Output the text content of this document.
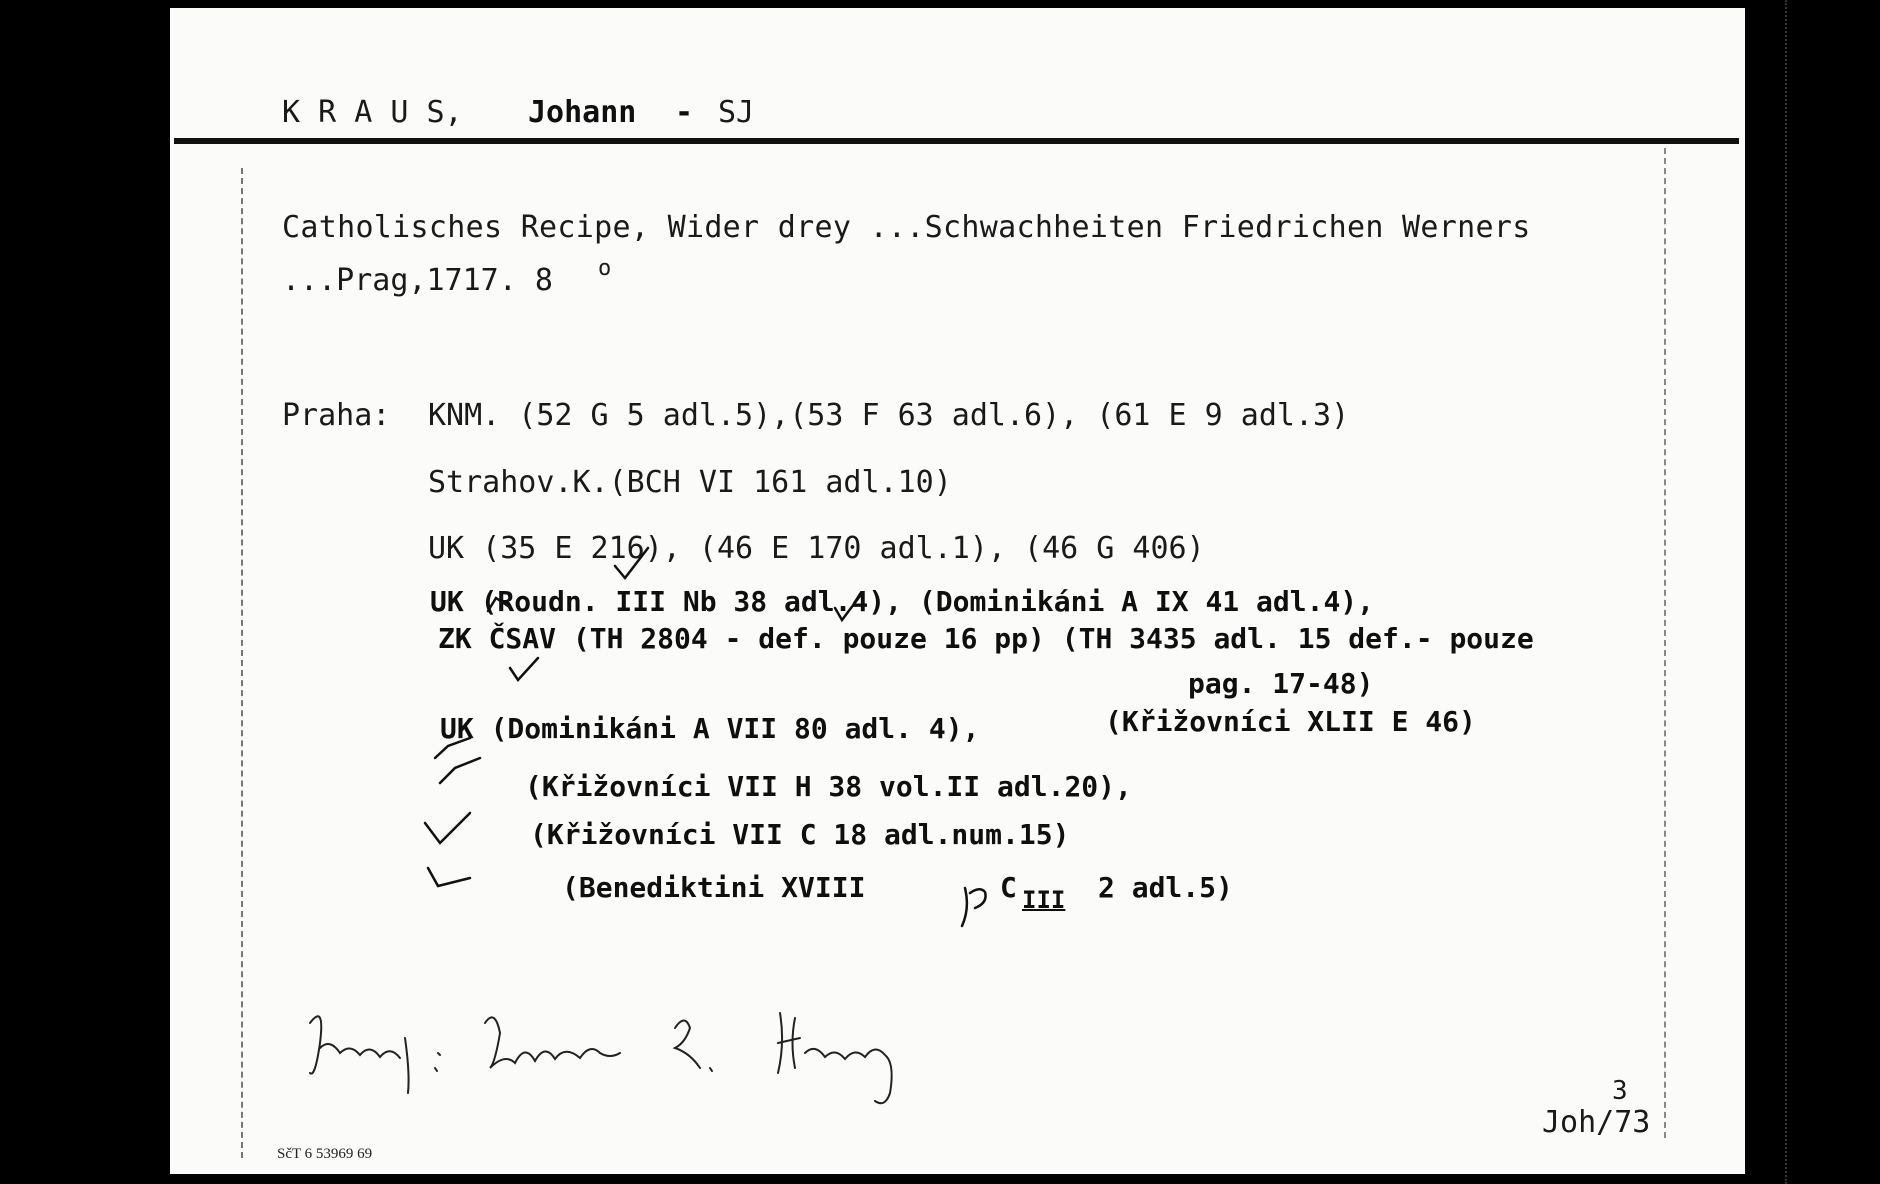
K R A U S, Johann - SJ
Catholisches Recipe, Wider drey ...Schwachheiten Friedrichen Werners
...Prag,1717. 8 o
Praha: KNM. (52 G 5 adl.5),(53 F 63 adl.6), (61 E 9 adl.3)
Strahov.K.(BCH VI 161 adl.10)
UK (35 E 216), (46 E 170 adl.1), (46 G 406)
UK (Roudn. III Nb 38 adl.4), (Dominikáni A IX 41 adl.4),
ZK ČSAV (TH 2804 - def. pouze 16 pp) (TH 3435 adl. 15 def.- pouze
pag. 17-48)
UK (Dominikáni A VII 80 adl. 4),	(Křižovníci XLII E 46)
(Křižovníci VII H 38 vol.II adl.20),
(Křižovníci VII C 18 adl.num.15)
(Benediktini XVIII	C III 2 adl.5)
Joh/73
3
SčT 6 53969 69
